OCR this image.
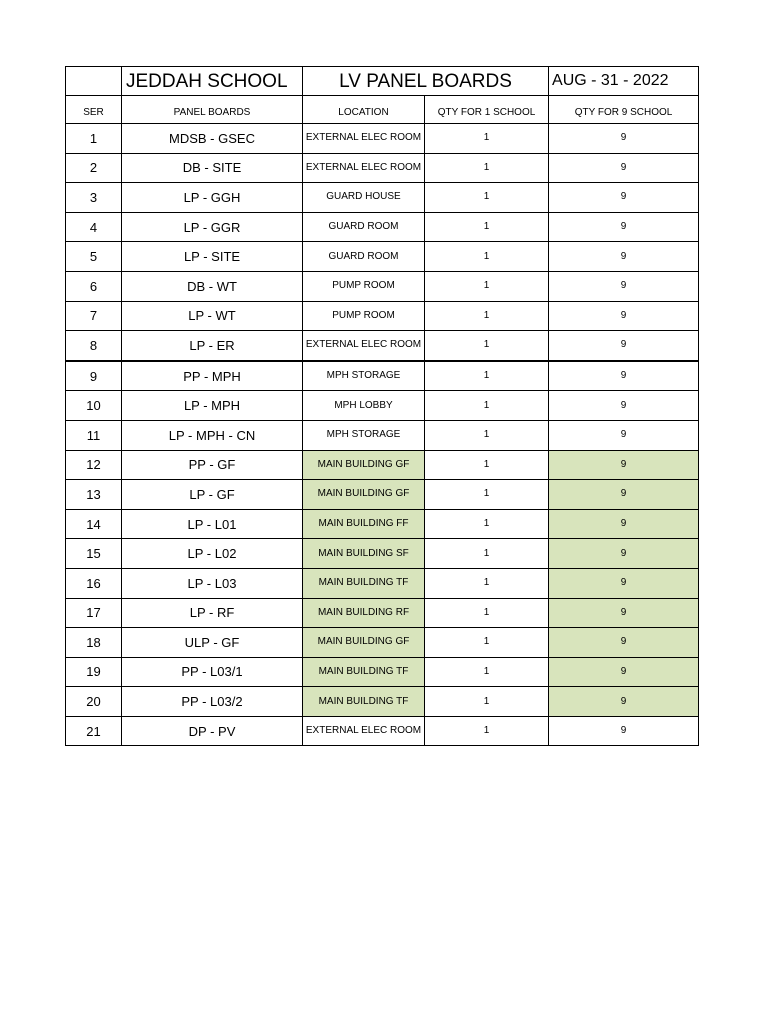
	JEDDAH SCHOOL	LV PANEL BOARDS		AUG - 31 - 2022
SER	PANEL BOARDS	LOCATION	QTY FOR 1 SCHOOL	QTY FOR 9 SCHOOL
1	MDSB - GSEC	EXTERNAL ELEC ROOM	1	9
2	DB - SITE	EXTERNAL ELEC ROOM	1	9
3	LP - GGH	GUARD HOUSE	1	9
4	LP - GGR	GUARD ROOM	1	9
5	LP - SITE	GUARD ROOM	1	9
6	DB - WT	PUMP ROOM	1	9
7	LP - WT	PUMP ROOM	1	9
8	LP - ER	EXTERNAL ELEC ROOM	1	9
9	PP - MPH	MPH STORAGE	1	9
10	LP - MPH	MPH LOBBY	1	9
11	LP - MPH - CN	MPH STORAGE	1	9
12	PP - GF	MAIN BUILDING GF	1	9
13	LP - GF	MAIN BUILDING GF	1	9
14	LP - L01	MAIN BUILDING FF	1	9
15	LP - L02	MAIN BUILDING SF	1	9
16	LP - L03	MAIN BUILDING TF	1	9
17	LP - RF	MAIN BUILDING RF	1	9
18	ULP - GF	MAIN BUILDING GF	1	9
19	PP - L03/1	MAIN BUILDING TF	1	9
20	PP - L03/2	MAIN BUILDING TF	1	9
21	DP - PV	EXTERNAL ELEC ROOM	1	9
